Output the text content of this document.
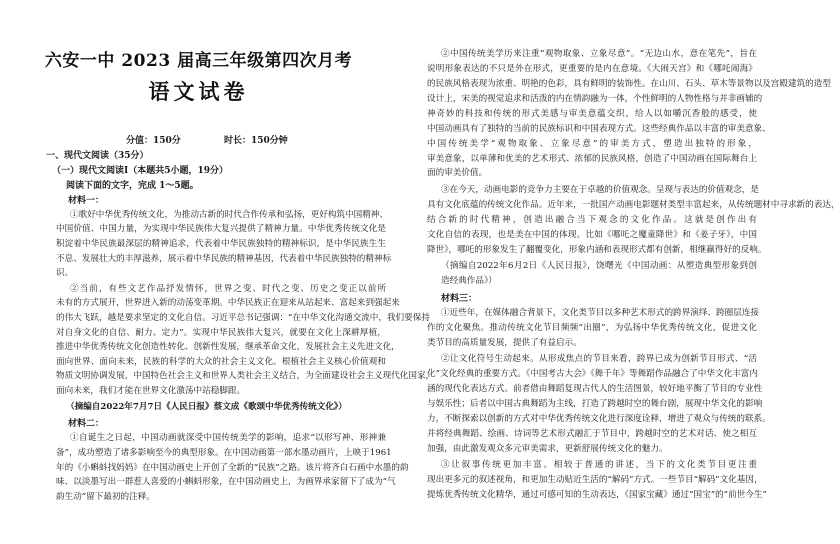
六安一中 2023 届高三年级第四次月考
语文试卷
分值：150分	时长：150分钟
一、现代文阅读（35分）
（一）现代文阅读Ⅰ（本题共5小题，19分）
阅读下面的文字，完成 1～5题。
材料一：
①歌好中华优秀传统文化，为推动古新的时代合作传承和弘扬，更好构筑中国精神、
中国价值、中国力量，为实现中华民族伟大复兴提供了精神力量。中华优秀传统文化是
积淀着中华民族最深层的精神追求，代表着中华民族独特的精神标识，是中华民族生生
不息、发展壮大的丰厚滋养，展示着中华民族的精神基因，代表着中华民族独特的精神标
识。
②当前，有些文艺作品抒发情怀，世界之变、时代之变、历史之变正以前所
未有的方式展开，世界进入新的动荡变革期。中华民族正在迎来从站起来、富起来到强起来
的伟大飞跃，越是要求坚定的文化自信。习近平总书记强调：“在中华文化沟通交流中，我们要保持
对自身文化的自信、耐力、定力”。实现中华民族伟大复兴，就要在文化上深耕厚植，
推进中华优秀传统文化创造性转化、创新性发展，继承革命文化，发展社会主义先进文化，
面向世界、面向未来，民族的科学的大众的社会主义文化。根植社会主义核心价值观和
物质文明协调发展，中国特色社会主义和世界人类社会主义结合，为全面建设社会主义现代化国家，
面向未来，我们才能在世界文化激荡中站稳脚跟。
（摘编自2022年7月7日《人民日报》蔡文成《歌颂中华优秀传统文化》）
材料二：
①自诞生之日起，中国动画就深受中国传统美学的影响，追求“以形写神、形神兼
备”，成功塑造了诸多影响至今的典型形象。在中国动画第一部水墨动画片，上映于1961
年的《小蝌蚪找妈妈》在中国动画史上开创了全新的“民族”之路。该片将齐白石画中水墨的韵
味、以淡墨写出一群惹人喜爱的小蝌蚪形象，在中国动画史上，为画界承家留下了成为“气
韵生动”留下最初的注释。
②中国传统美学历来注重“观物取象、立象尽意”。“无边山水，意在笔先”，旨在
说明形象表达的不只是外在形式，更重要的是内在意境。《大闹天宫》和《哪吒闹海》
的民族风格表现为浓重、明艳的色彩，具有鲜明的装饰性。在山川、石头、草木等景物以及宫殿建筑的造型
设计上，宋美的视觉追求和活泼的内在情韵融为一体，个性鲜明的人物性格与并非画辅的
神奇妙的科技和传统的形式美感与审美意蕴交织，给人以如嚼沉香般的感受，使
中国动画具有了独特的当前的民族标识和中国表现方式。这些经典作品以丰富的审美意象、
中国传统美学“观物取象、立象尽意”的审美方式，塑造出独特的形象，
审美意象，以单薄和优美的艺术形式、浓郁的民族风格，创造了中国动画在国际舞台上
面的审美价值。
③在今天，动画电影的竞争力主要在于卓越的价值观念。呈现与表达的价值观念，是
具有文化底蕴的传统文化作品。近年来，一批国产动画电影题材类型丰富起来，从传统题材中寻求新的表达，
结合新的时代精神，创造出融合当下观念的文化作品。这就是创作出有
文化自信的表现，也是美在中国的体现。比如《哪吒之魔童降世》和《姜子牙》，中国
降世》，哪吒的形象发生了翻覆变化，形象内涵和表现形式都有创新，相继赢得好的反响。
（摘编自2022年6月2日《人民日报》，饶曙光《中国动画：从塑造典型形象到创
造经典作品》）
材料三：
①近些年，在媒体融合背景下，文化类节目以多种艺术形式的跨界演绎、跨圈层连接
作的文化聚焦。推动传统文化节目频频“出圈”，为弘扬中华优秀传统文化，促进文化
类节目的高质量发展，提供了有益启示。
②让文化符号生动起来。从形成焦点的节目来看，跨界已成为创新节目形式、“活
化”文化经典的重要方式。《中国考古大会》《舞千年》等舞蹈作品融合了中华文化丰富内
涵的现代化表达方式。前者借由舞蹈复现古代人的生活图景，较好地平衡了节目的专业性
与娱乐性；后者以中国古典舞蹈为主线，打造了跨越时空的舞台剧，展现中华文化的影响
力，不断探索以创新的方式对中华优秀传统文化进行深度诠释，增进了观众与传统的联系。
并将经典舞蹈、绘画、诗词等艺术形式融汇于节目中，跨越时空的艺术对话、使之相互
加强，由此激发观众多元审美需求，更新舒展传统文化的魅力。
③让叙事传统更加丰富。相较于普通的讲述，当下的文化类节目更注重
现出更多元的叙述视角，和更加生动贴近生活的“解码”方式。一些节目“解码”文化基因，
提炼优秀传统文化精华，通过可感可知的生动表达，《国家宝藏》通过“国宝”的“前世今生”
